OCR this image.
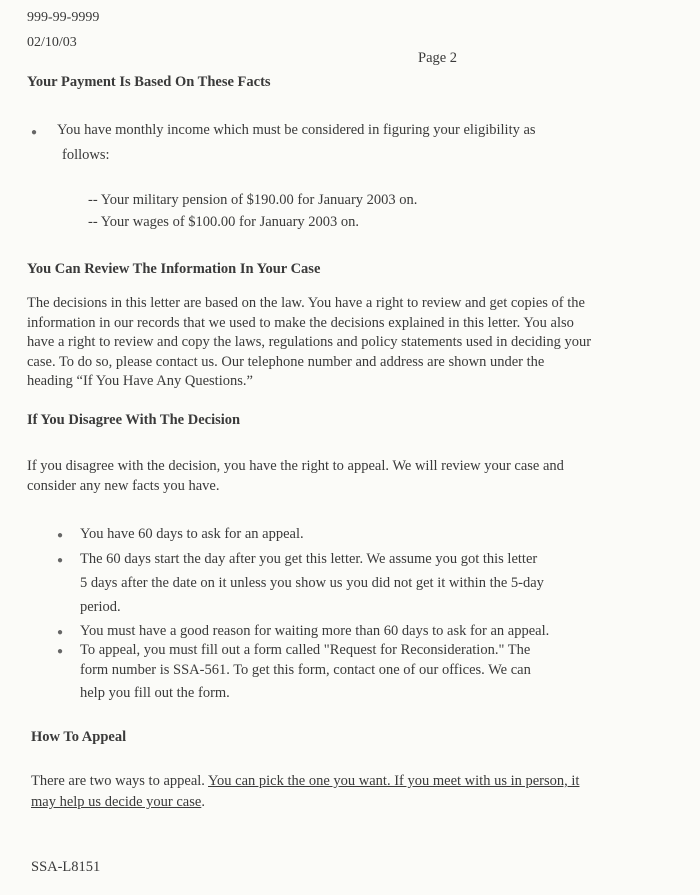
999-99-9999
02/10/03
Page 2
Your Payment Is Based On These Facts
● You have monthly income which must be considered in figuring your eligibility as
follows:
-- Your military pension of $190.00 for January 2003 on.
-- Your wages of $100.00 for January 2003 on.
You Can Review The Information In Your Case
The decisions in this letter are based on the law. You have a right to review and get copies of the
information in our records that we used to make the decisions explained in this letter. You also
have a right to review and copy the laws, regulations and policy statements used in deciding your
case. To do so, please contact us. Our telephone number and address are shown under the
heading “If You Have Any Questions.”
If You Disagree With The Decision
If you disagree with the decision, you have the right to appeal. We will review your case and
consider any new facts you have.
● You have 60 days to ask for an appeal.
● The 60 days start the day after you get this letter. We assume you got this letter
5 days after the date on it unless you show us you did not get it within the 5-day
period.
● You must have a good reason for waiting more than 60 days to ask for an appeal.
● To appeal, you must fill out a form called "Request for Reconsideration." The
form number is SSA-561. To get this form, contact one of our offices. We can
help you fill out the form.
How To Appeal
There are two ways to appeal. You can pick the one you want. If you meet with us in person, it
may help us decide your case.
SSA-L8151
